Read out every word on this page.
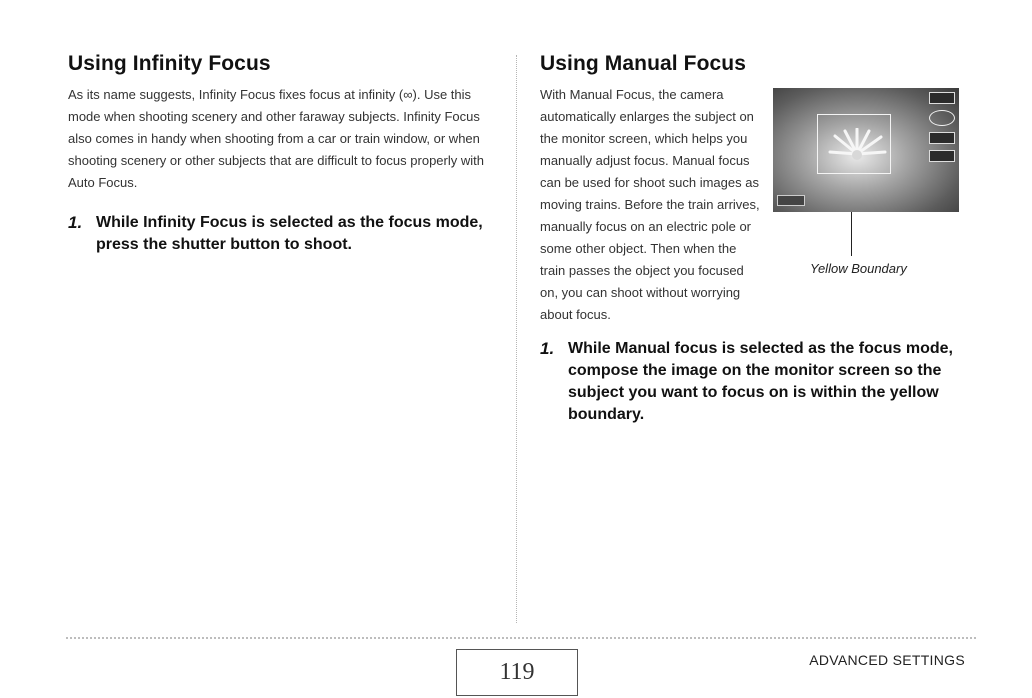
Using Infinity Focus

As its name suggests, Infinity Focus fixes focus at infinity (∞). Use this mode when shooting scenery and other faraway subjects. Infinity Focus also comes in handy when shooting from a car or train window, or when shooting scenery or other subjects that are difficult to focus properly with Auto Focus.

1. While Infinity Focus is selected as the focus mode, press the shutter button to shoot.
Using Manual Focus

With Manual Focus, the camera automatically enlarges the subject on the monitor screen, which helps you manually adjust focus. Manual focus can be used for shoot such images as moving trains. Before the train arrives, manually focus on an electric pole or some other object. Then when the train passes the object you focused on, you can shoot without worrying about focus.

1. While Manual focus is selected as the focus mode, compose the image on the monitor screen so the subject you want to focus on is within the yellow boundary.
Yellow Boundary
119	ADVANCED SETTINGS
